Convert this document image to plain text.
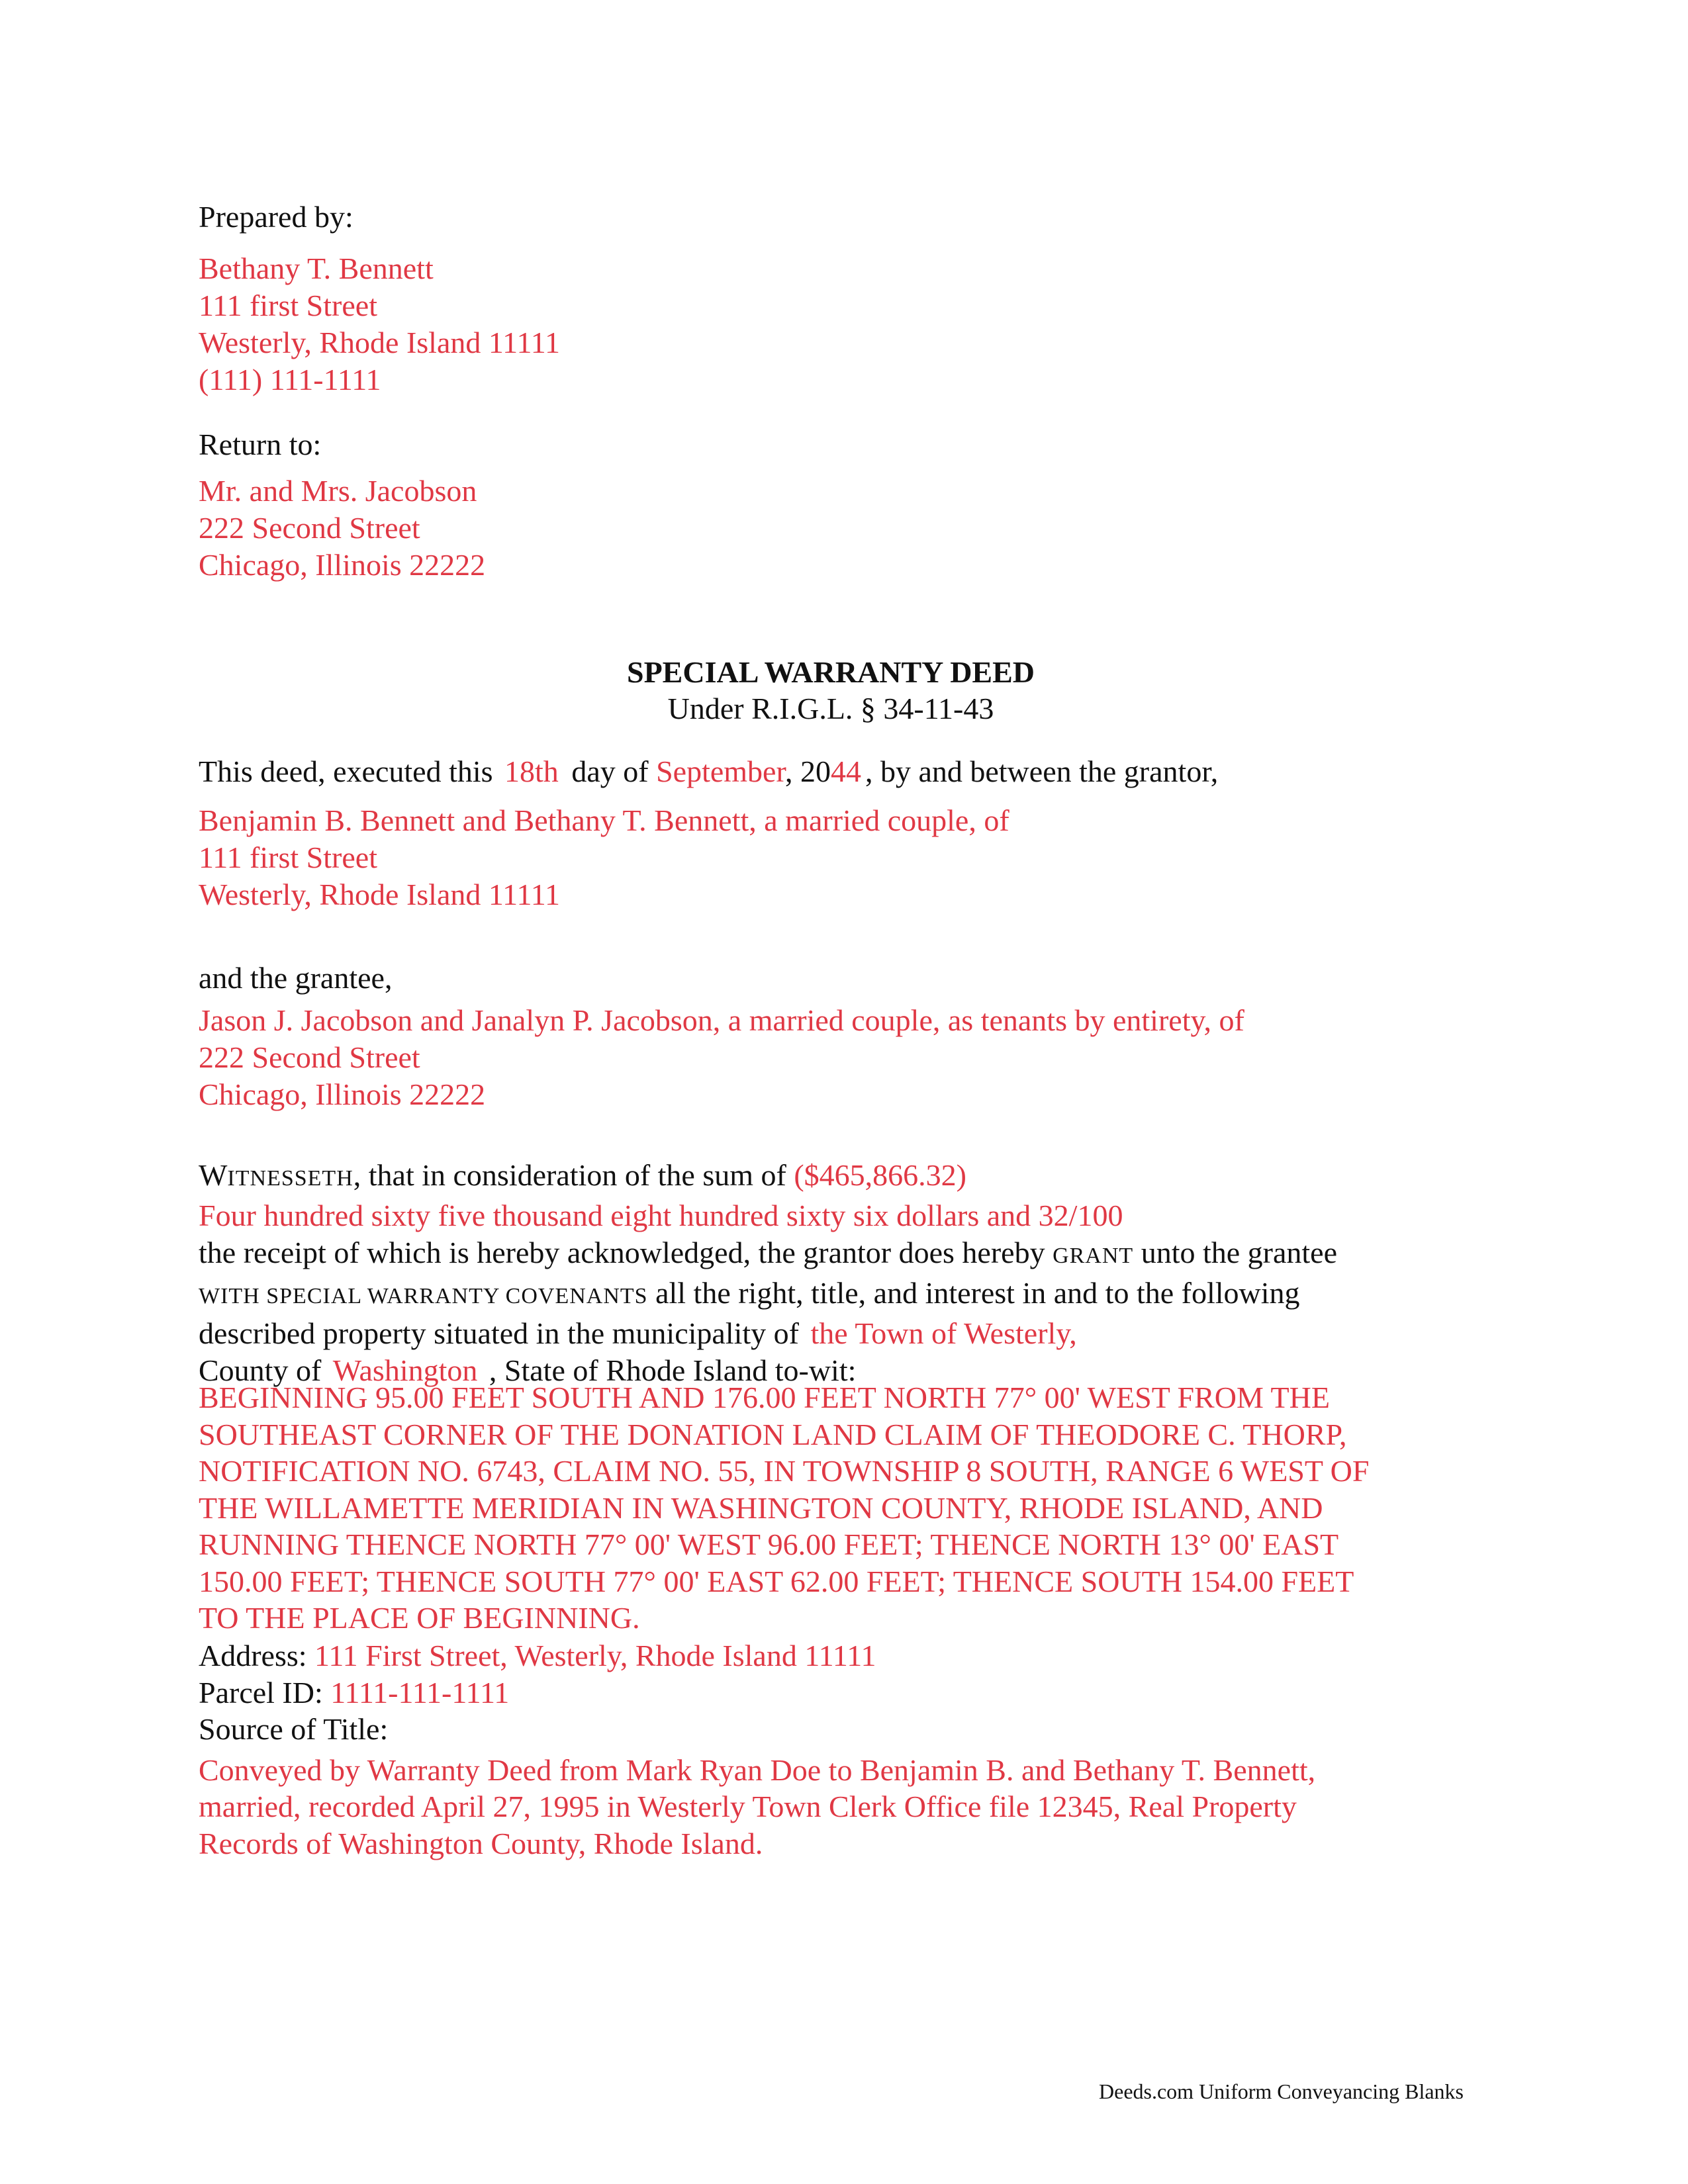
Prepared by:
Bethany T. Bennett
111 first Street
Westerly, Rhode Island 11111
(111) 111-1111
Return to:
Mr. and Mrs. Jacobson
222 Second Street
Chicago, Illinois 22222
SPECIAL WARRANTY DEED
Under R.I.G.L. § 34-11-43
This deed, executed this 18th day of September, 2044 , by and between the grantor,
Benjamin B. Bennett and Bethany T. Bennett, a married couple, of
111 first Street
Westerly, Rhode Island 11111
and the grantee,
Jason J. Jacobson and Janalyn P. Jacobson, a married couple, as tenants by entirety, of
222 Second Street
Chicago, Illinois 22222
WITNESSETH, that in consideration of the sum of ($465,866.32)
Four hundred sixty five thousand eight hundred sixty six dollars and 32/100
the receipt of which is hereby acknowledged, the grantor does hereby GRANT unto the grantee
WITH SPECIAL WARRANTY COVENANTS all the right, title, and interest in and to the following
described property situated in the municipality of the Town of Westerly,
County of Washington , State of Rhode Island to-wit:
BEGINNING 95.00 FEET SOUTH AND 176.00 FEET NORTH 77° 00' WEST FROM THE
SOUTHEAST CORNER OF THE DONATION LAND CLAIM OF THEODORE C. THORP,
NOTIFICATION NO. 6743, CLAIM NO. 55, IN TOWNSHIP 8 SOUTH, RANGE 6 WEST OF
THE WILLAMETTE MERIDIAN IN WASHINGTON COUNTY, RHODE ISLAND, AND
RUNNING THENCE NORTH 77° 00' WEST 96.00 FEET; THENCE NORTH 13° 00' EAST
150.00 FEET; THENCE SOUTH 77° 00' EAST 62.00 FEET; THENCE SOUTH 154.00 FEET
TO THE PLACE OF BEGINNING.
Address: 111 First Street, Westerly, Rhode Island 11111
Parcel ID: 1111-111-1111
Source of Title:
Conveyed by Warranty Deed from Mark Ryan Doe to Benjamin B. and Bethany T. Bennett,
married, recorded April 27, 1995 in Westerly Town Clerk Office file 12345, Real Property
Records of Washington County, Rhode Island.
Deeds.com Uniform Conveyancing Blanks
